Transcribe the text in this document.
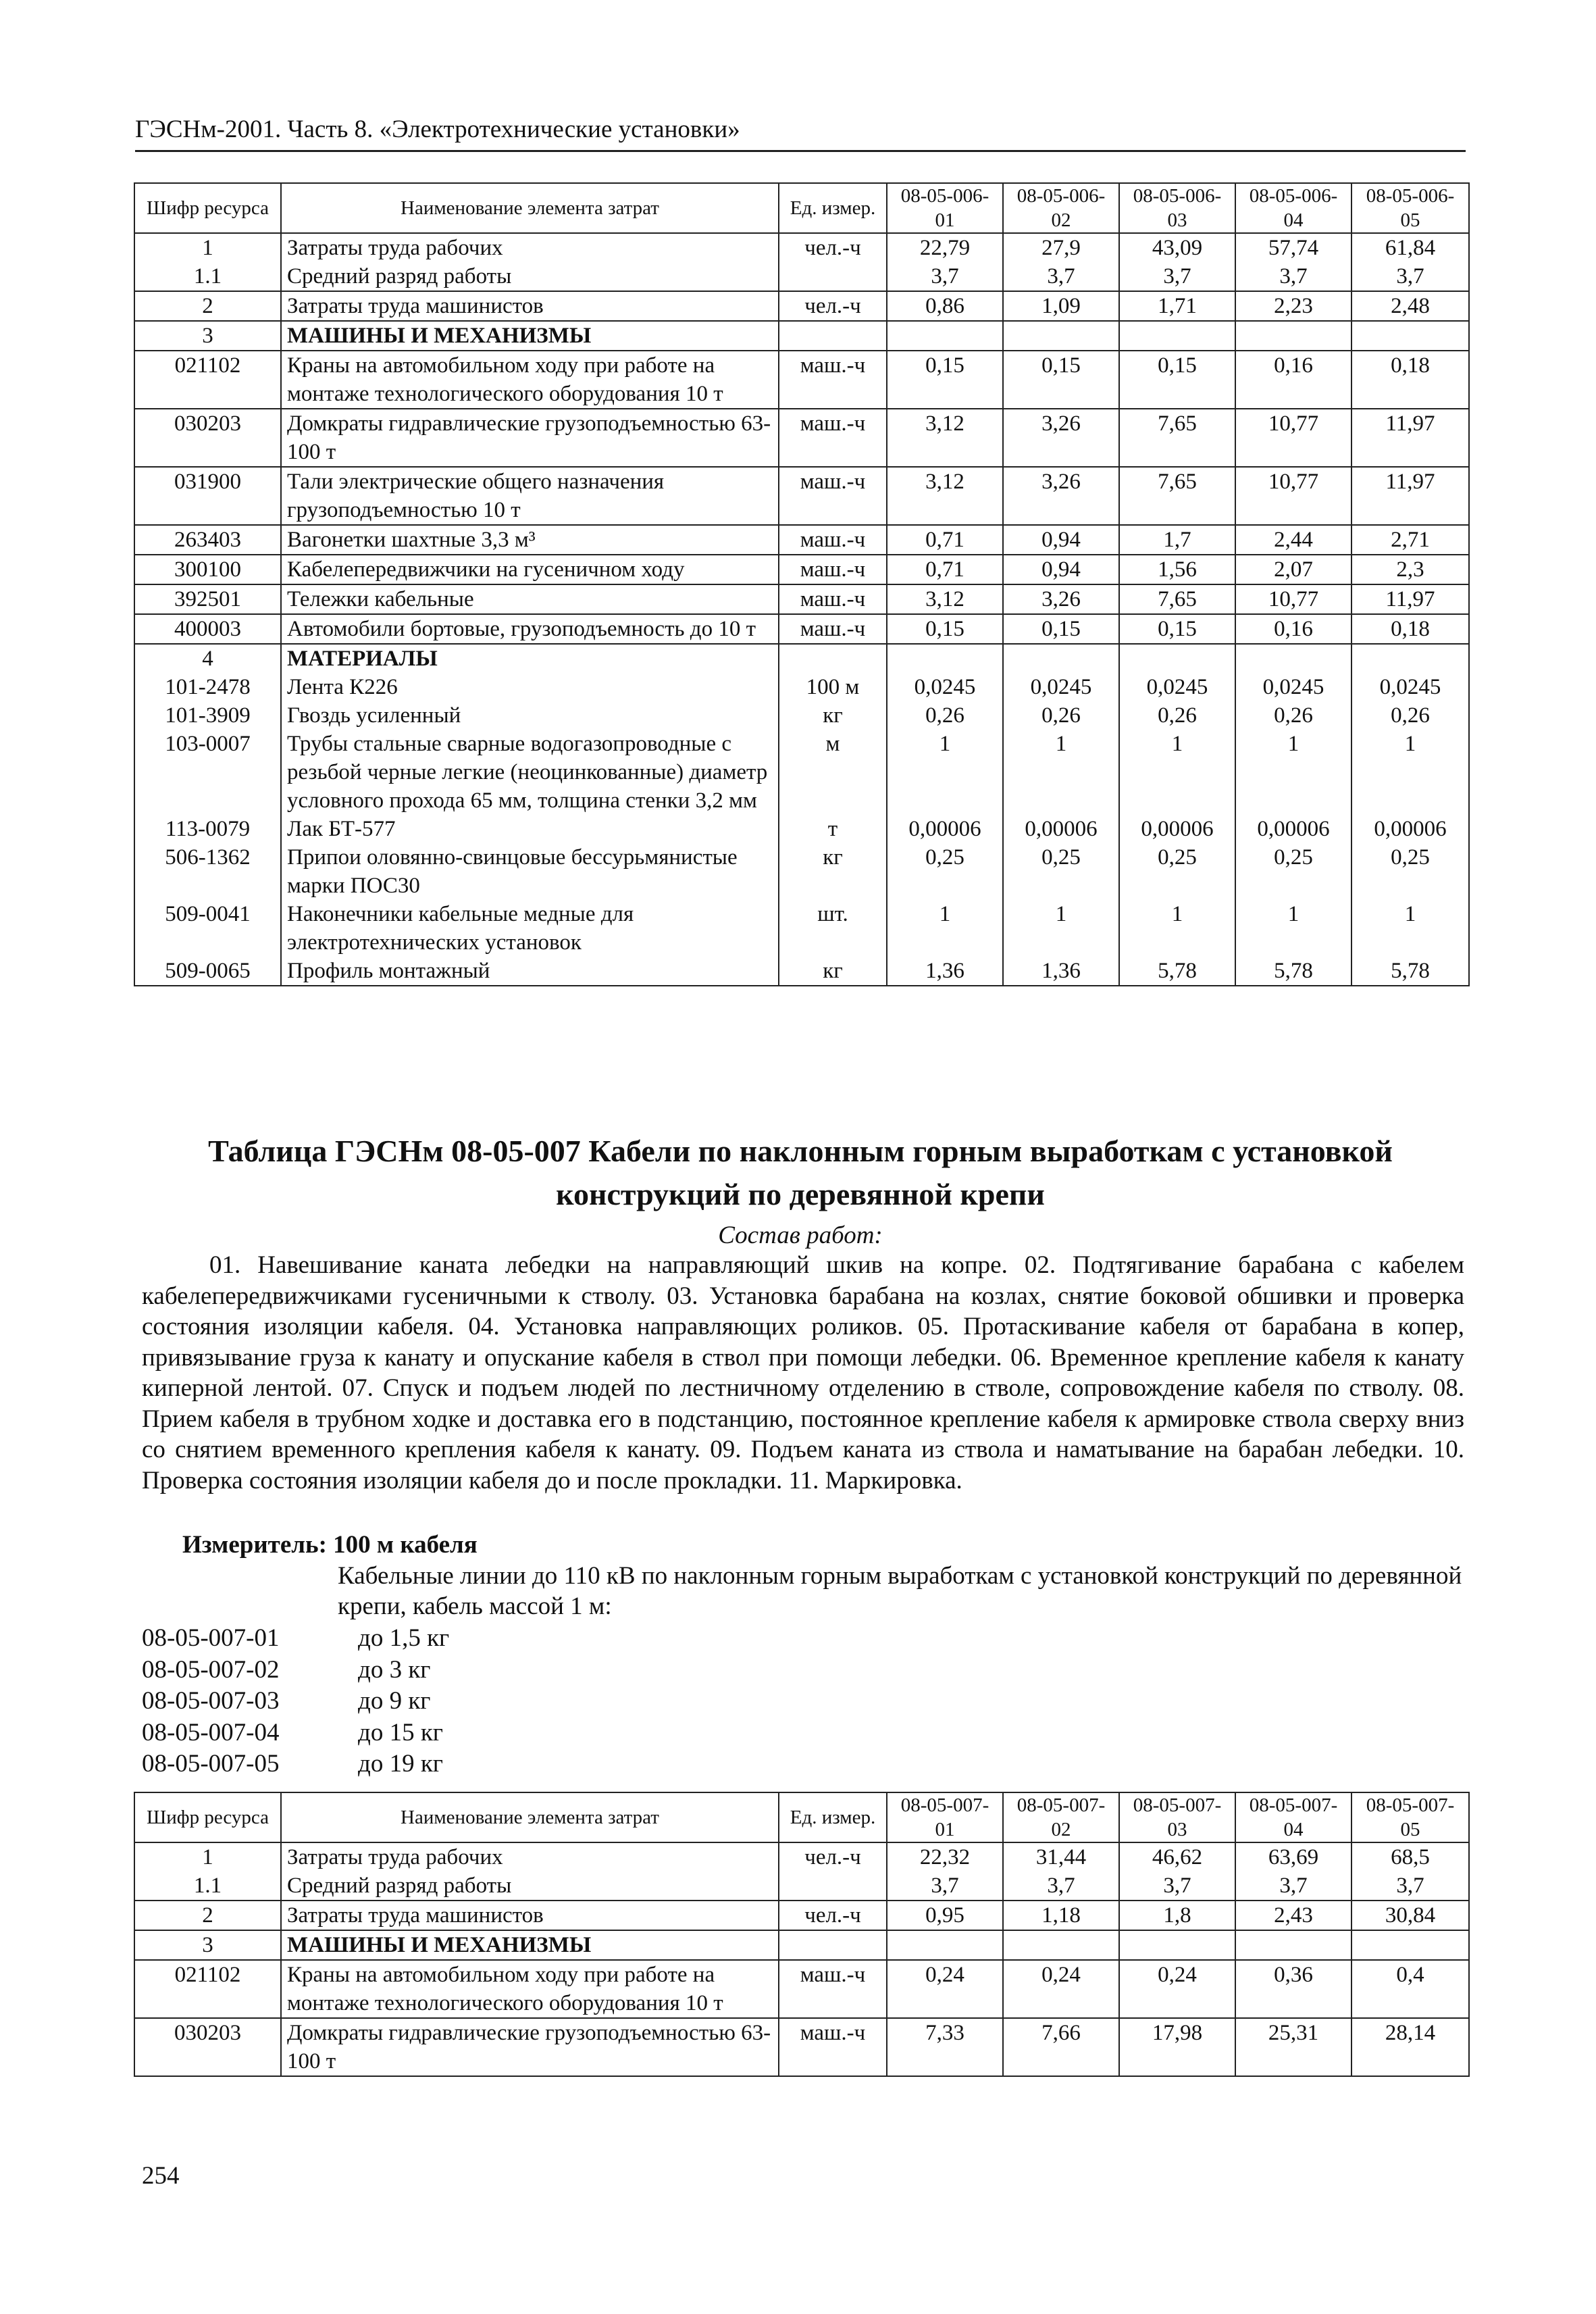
ГЭСНм-2001. Часть 8. «Электротехнические установки»
Шифр ресурса	Наименование элемента затрат	Ед. измер.	08-05-006-01	08-05-006-02	08-05-006-03	08-05-006-04	08-05-006-05
1	Затраты труда рабочих	чел.-ч	22,79	27,9	43,09	57,74	61,84
1.1	Средний разряд работы		3,7	3,7	3,7	3,7	3,7
2	Затраты труда машинистов	чел.-ч	0,86	1,09	1,71	2,23	2,48
3	МАШИНЫ И МЕХАНИЗМЫ						
021102	Краны на автомобильном ходу при работе на монтаже технологического оборудования 10 т	маш.-ч	0,15	0,15	0,15	0,16	0,18
030203	Домкраты гидравлические грузоподъемностью 63-100 т	маш.-ч	3,12	3,26	7,65	10,77	11,97
031900	Тали электрические общего назначения грузоподъемностью 10 т	маш.-ч	3,12	3,26	7,65	10,77	11,97
263403	Вагонетки шахтные 3,3 м³	маш.-ч	0,71	0,94	1,7	2,44	2,71
300100	Кабелепередвижчики на гусеничном ходу	маш.-ч	0,71	0,94	1,56	2,07	2,3
392501	Тележки кабельные	маш.-ч	3,12	3,26	7,65	10,77	11,97
400003	Автомобили бортовые, грузоподъемность до 10 т	маш.-ч	0,15	0,15	0,15	0,16	0,18
4	МАТЕРИАЛЫ						
101-2478	Лента К226	100 м	0,0245	0,0245	0,0245	0,0245	0,0245
101-3909	Гвоздь усиленный	кг	0,26	0,26	0,26	0,26	0,26
103-0007	Трубы стальные сварные водогазопроводные с резьбой черные легкие (неоцинкованные) диаметр условного прохода 65 мм, толщина стенки 3,2 мм	м	1	1	1	1	1
113-0079	Лак БТ-577	т	0,00006	0,00006	0,00006	0,00006	0,00006
506-1362	Припои оловянно-свинцовые бессурьмянистые марки ПОС30	кг	0,25	0,25	0,25	0,25	0,25
509-0041	Наконечники кабельные медные для электротехнических установок	шт.	1	1	1	1	1
509-0065	Профиль монтажный	кг	1,36	1,36	5,78	5,78	5,78
Таблица ГЭСНм 08-05-007 Кабели по наклонным горным выработкам с установкой конструкций по деревянной крепи
Состав работ:

01. Навешивание каната лебедки на направляющий шкив на копре. 02. Подтягивание барабана с кабелем кабелепередвижчиками гусеничными к стволу. 03. Установка барабана на козлах, снятие боковой обшивки и проверка состояния изоляции кабеля. 04. Установка направляющих роликов. 05. Протаскивание кабеля от барабана в копер, привязывание груза к канату и опускание кабеля в ствол при помощи лебедки. 06. Временное крепление кабеля к канату киперной лентой. 07. Спуск и подъем людей по лестничному отделению в стволе, сопровождение кабеля по стволу. 08. Прием кабеля в трубном ходке и доставка его в подстанцию, постоянное крепление кабеля к армировке ствола сверху вниз со снятием временного крепления кабеля к канату. 09. Подъем каната из ствола и наматывание на барабан лебедки. 10. Проверка состояния изоляции кабеля до и после прокладки. 11. Маркировка.

Измеритель: 100 м кабеля
Кабельные линии до 110 кВ по наклонным горным выработкам с установкой конструкций по деревянной крепи, кабель массой 1 м:
08-05-007-01	до 1,5 кг
08-05-007-02	до 3 кг
08-05-007-03	до 9 кг
08-05-007-04	до 15 кг
08-05-007-05	до 19 кг
Шифр ресурса	Наименование элемента затрат	Ед. измер.	08-05-007-01	08-05-007-02	08-05-007-03	08-05-007-04	08-05-007-05
1	Затраты труда рабочих	чел.-ч	22,32	31,44	46,62	63,69	68,5
1.1	Средний разряд работы		3,7	3,7	3,7	3,7	3,7
2	Затраты труда машинистов	чел.-ч	0,95	1,18	1,8	2,43	30,84
3	МАШИНЫ И МЕХАНИЗМЫ						
021102	Краны на автомобильном ходу при работе на монтаже технологического оборудования 10 т	маш.-ч	0,24	0,24	0,24	0,36	0,4
030203	Домкраты гидравлические грузоподъемностью 63-100 т	маш.-ч	7,33	7,66	17,98	25,31	28,14
254
